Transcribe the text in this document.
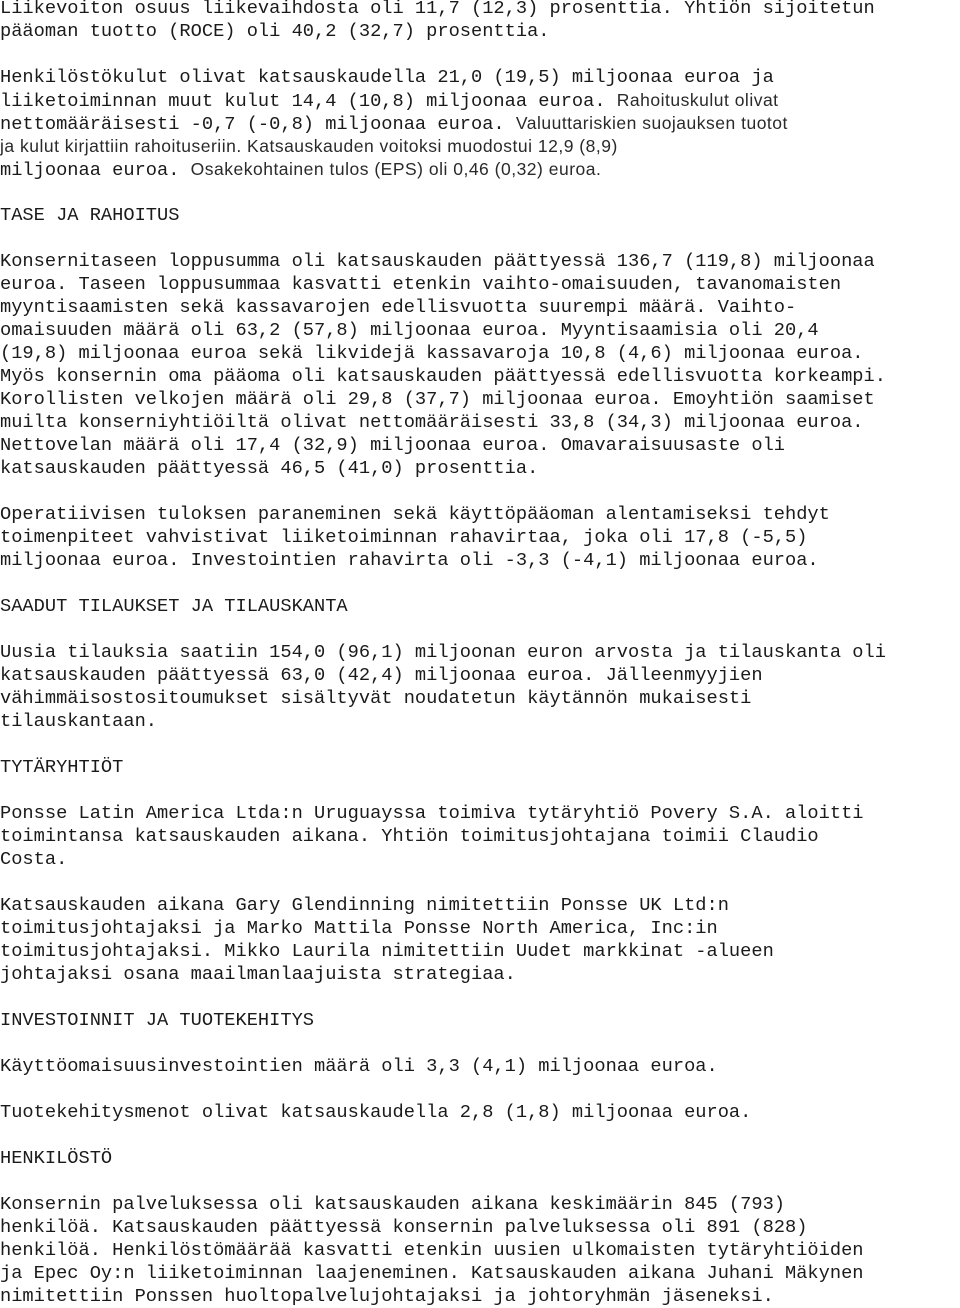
Liikevoiton osuus liikevaihdosta oli 11,7 (12,3) prosenttia. Yhtiön sijoitetun
pääoman tuotto (ROCE) oli 40,2 (32,7) prosenttia.
Henkilöstökulut olivat katsauskaudella 21,0 (19,5) miljoonaa euroa ja
liiketoiminnan muut kulut 14,4 (10,8) miljoonaa euroa. Rahoituskulut olivat
nettomääräisesti -0,7 (-0,8) miljoonaa euroa. Valuuttariskien suojauksen tuotot
ja kulut kirjattiin rahoituseriin. Katsauskauden voitoksi muodostui 12,9 (8,9)
miljoonaa euroa. Osakekohtainen tulos (EPS) oli 0,46 (0,32) euroa.
TASE JA RAHOITUS
Konsernitaseen loppusumma oli katsauskauden päättyessä 136,7 (119,8) miljoonaa
euroa. Taseen loppusummaa kasvatti etenkin vaihto-omaisuuden, tavanomaisten
myyntisaamisten sekä kassavarojen edellisvuotta suurempi määrä. Vaihto-
omaisuuden määrä oli 63,2 (57,8) miljoonaa euroa. Myyntisaamisia oli 20,4
(19,8) miljoonaa euroa sekä likvidejä kassavaroja 10,8 (4,6) miljoonaa euroa.
Myös konsernin oma pääoma oli katsauskauden päättyessä edellisvuotta korkeampi.
Korollisten velkojen määrä oli 29,8 (37,7) miljoonaa euroa. Emoyhtiön saamiset
muilta konserniyhtiöiltä olivat nettomääräisesti 33,8 (34,3) miljoonaa euroa.
Nettovelan määrä oli 17,4 (32,9) miljoonaa euroa. Omavaraisuusaste oli
katsauskauden päättyessä 46,5 (41,0) prosenttia.
Operatiivisen tuloksen paraneminen sekä käyttöpääoman alentamiseksi tehdyt
toimenpiteet vahvistivat liiketoiminnan rahavirtaa, joka oli 17,8 (-5,5)
miljoonaa euroa. Investointien rahavirta oli -3,3 (-4,1) miljoonaa euroa.
SAADUT TILAUKSET JA TILAUSKANTA
Uusia tilauksia saatiin 154,0 (96,1) miljoonan euron arvosta ja tilauskanta oli
katsauskauden päättyessä 63,0 (42,4) miljoonaa euroa. Jälleenmyyjien
vähimmäisostositoumukset sisältyvät noudatetun käytännön mukaisesti
tilauskantaan.
TYTÄRYHTIÖT
Ponsse Latin America Ltda:n Uruguayssa toimiva tytäryhtiö Povery S.A. aloitti
toimintansa katsauskauden aikana. Yhtiön toimitusjohtajana toimii Claudio
Costa.
Katsauskauden aikana Gary Glendinning nimitettiin Ponsse UK Ltd:n
toimitusjohtajaksi ja Marko Mattila Ponsse North America, Inc:in
toimitusjohtajaksi. Mikko Laurila nimitettiin Uudet markkinat -alueen
johtajaksi osana maailmanlaajuista strategiaa.
INVESTOINNIT JA TUOTEKEHITYS
Käyttöomaisuusinvestointien määrä oli 3,3 (4,1) miljoonaa euroa.
Tuotekehitysmenot olivat katsauskaudella 2,8 (1,8) miljoonaa euroa.
HENKILÖSTÖ
Konsernin palveluksessa oli katsauskauden aikana keskimäärin 845 (793)
henkilöä. Katsauskauden päättyessä konsernin palveluksessa oli 891 (828)
henkilöä. Henkilöstömäärää kasvatti etenkin uusien ulkomaisten tytäryhtiöiden
ja Epec Oy:n liiketoiminnan laajeneminen. Katsauskauden aikana Juhani Mäkynen
nimitettiin Ponssen huoltopalvelujohtajaksi ja johtoryhmän jäseneksi.
